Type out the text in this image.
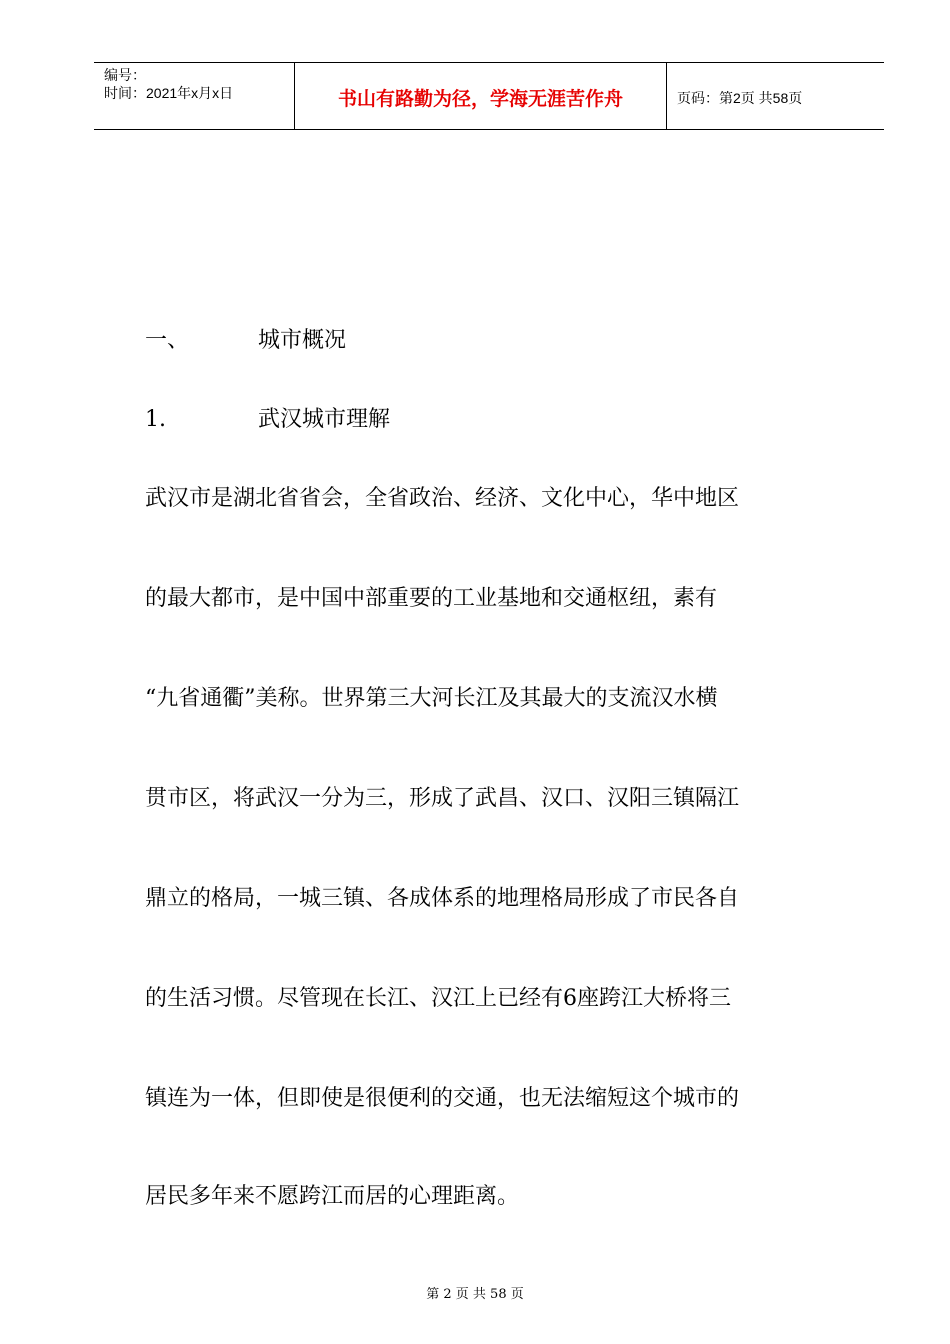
编号：
时间：2021年x月x日	书山有路勤为径，学海无涯苦作舟	页码：第2页 共58页
一、	城市概况
1.	武汉城市理解
武汉市是湖北省省会，全省政治、经济、文化中心，华中地区
的最大都市，是中国中部重要的工业基地和交通枢纽，素有
“九省通衢”美称。世界第三大河长江及其最大的支流汉水横
贯市区，将武汉一分为三，形成了武昌、汉口、汉阳三镇隔江
鼎立的格局，一城三镇、各成体系的地理格局形成了市民各自
的生活习惯。尽管现在长江、汉江上已经有6座跨江大桥将三
镇连为一体，但即使是很便利的交通，也无法缩短这个城市的
居民多年来不愿跨江而居的心理距离。
第 2 页 共 58 页
